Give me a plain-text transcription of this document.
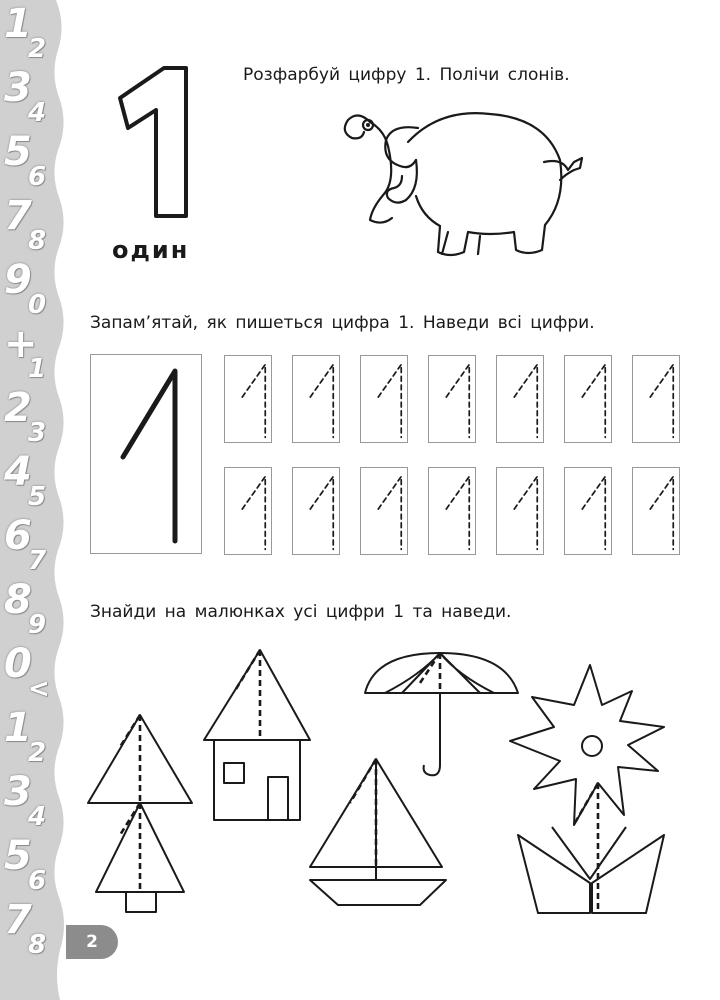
1
2
3
4
5
6
7
8
9
0
+
1
2
3
4
5
6
7
8
9
0
<
1
2
3
4
5
6
7
8	2
один
Розфарбуй цифру 1. Полічи слонів.
Запам’ятай, як пишеться цифра 1. Наведи всі цифри.
Знайди на малюнках усі цифри 1 та наведи.
